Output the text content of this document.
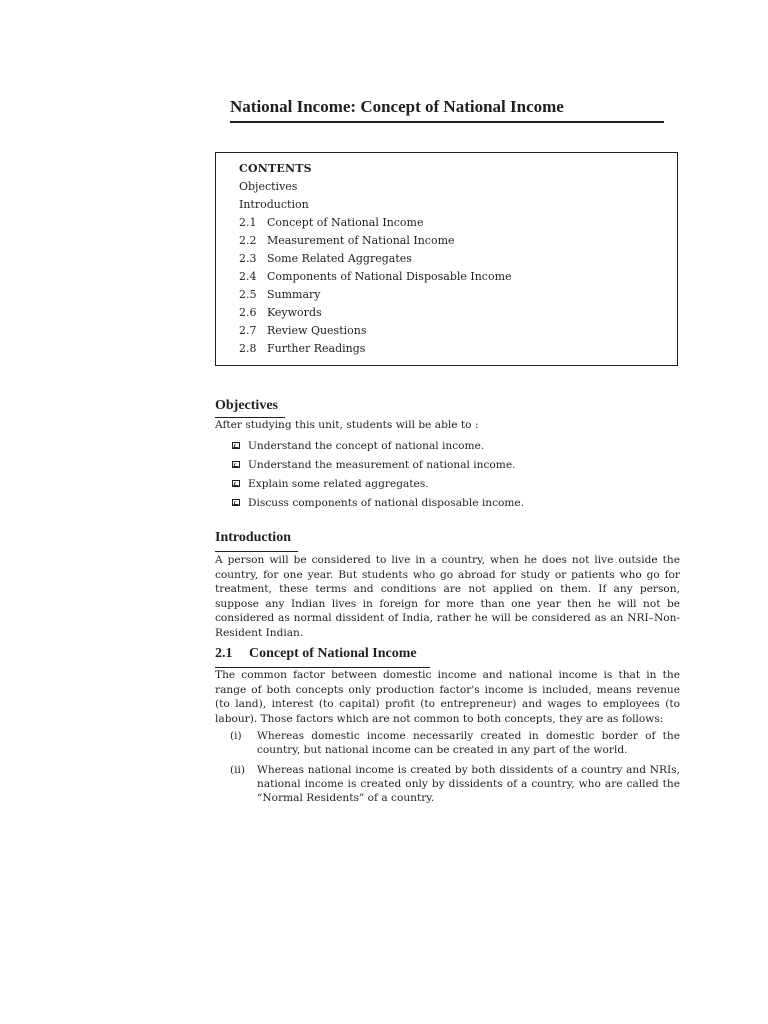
National Income: Concept of National Income
CONTENTS
Objectives
Introduction
2.1 Concept of National Income
2.2 Measurement of National Income
2.3 Some Related Aggregates
2.4 Components of National Disposable Income
2.5 Summary
2.6 Keywords
2.7 Review Questions
2.8 Further Readings
Objectives

After studying this unit, students will be able to :

Understand the concept of national income.
Understand the measurement of national income.
Explain some related aggregates.
Discuss components of national disposable income.
Introduction

A person will be considered to live in a country, when he does not live outside the country, for one year. But students who go abroad for study or patients who go for treatment, these terms and conditions are not applied on them. If any person, suppose any Indian lives in foreign for more than one year then he will not be considered as normal dissident of India, rather he will be considered as an NRI–Non-Resident Indian.

2.1 Concept of National Income

The common factor between domestic income and national income is that in the range of both concepts only production factor's income is included, means revenue (to land), interest (to capital) profit (to entrepreneur) and wages to employees (to labour). Those factors which are not common to both concepts, they are as follows:

(i) Whereas domestic income necessarily created in domestic border of the country, but national income can be created in any part of the world.

(ii) Whereas national income is created by both dissidents of a country and NRIs, national income is created only by dissidents of a country, who are called the “Normal Residents” of a country.
